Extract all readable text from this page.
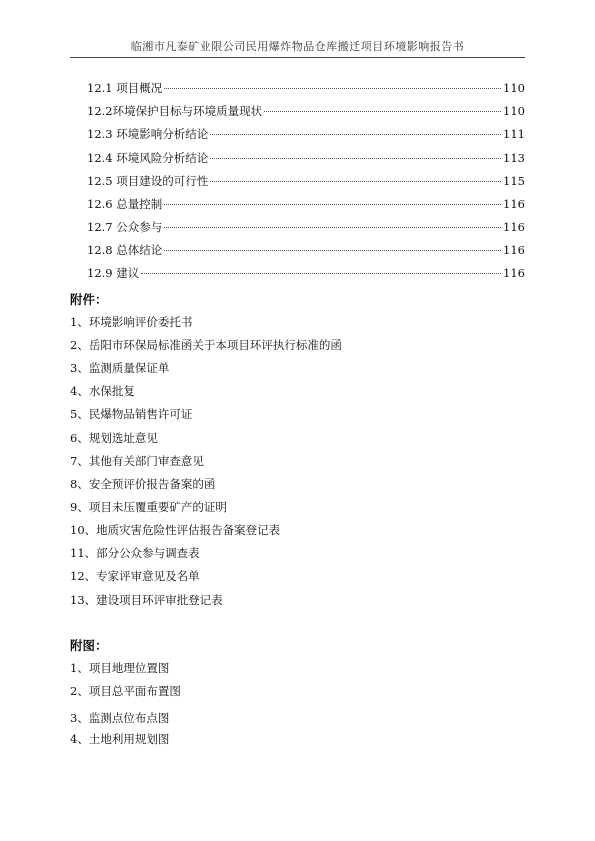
临湘市凡泰矿业限公司民用爆炸物品仓库搬迁项目环境影响报告书
12.1 项目概况	110
12.2环境保护目标与环境质量现状	110
12.3 环境影响分析结论	111
12.4 环境风险分析结论	113
12.5 项目建设的可行性	115
12.6 总量控制	116
12.7 公众参与	116
12.8 总体结论	116
12.9 建议	116
附件：
1、环境影响评价委托书
2、岳阳市环保局标准函关于本项目环评执行标准的函
3、监测质量保证单
4、水保批复
5、民爆物品销售许可证
6、规划选址意见
7、其他有关部门审查意见
8、安全预评价报告备案的函
9、项目未压覆重要矿产的证明
10、地质灾害危险性评估报告备案登记表
11、部分公众参与调查表
12、专家评审意见及名单
13、建设项目环评审批登记表
附图：
1、项目地理位置图
2、项目总平面布置图
3、监测点位布点图
4、土地利用规划图
